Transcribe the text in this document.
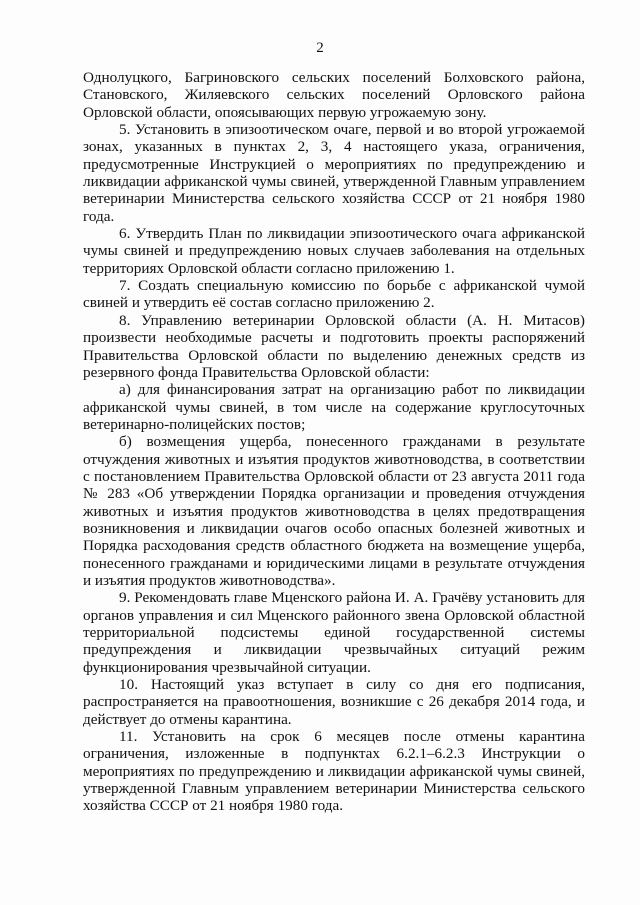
2

Однолуцкого, Багриновского сельских поселений Болховского района, Становского, Жиляевского сельских поселений Орловского района Орловской области, опоясывающих первую угрожаемую зону.

5. Установить в эпизоотическом очаге, первой и во второй угрожаемой зонах, указанных в пунктах 2, 3, 4 настоящего указа, ограничения, предусмотренные Инструкцией о мероприятиях по предупреждению и ликвидации африканской чумы свиней, утвержденной Главным управлением ветеринарии Министерства сельского хозяйства СССР от 21 ноября 1980 года.

6. Утвердить План по ликвидации эпизоотического очага африканской чумы свиней и предупреждению новых случаев заболевания на отдельных территориях Орловской области согласно приложению 1.

7. Создать специальную комиссию по борьбе с африканской чумой свиней и утвердить её состав согласно приложению 2.

8. Управлению ветеринарии Орловской области (А. Н. Митасов) произвести необходимые расчеты и подготовить проекты распоряжений Правительства Орловской области по выделению денежных средств из резервного фонда Правительства Орловской области:

а) для финансирования затрат на организацию работ по ликвидации африканской чумы свиней, в том числе на содержание круглосуточных ветеринарно-полицейских постов;

б) возмещения ущерба, понесенного гражданами в результате отчуждения животных и изъятия продуктов животноводства, в соответствии с постановлением Правительства Орловской области от 23 августа 2011 года № 283 «Об утверждении Порядка организации и проведения отчуждения животных и изъятия продуктов животноводства в целях предотвращения возникновения и ликвидации очагов особо опасных болезней животных и Порядка расходования средств областного бюджета на возмещение ущерба, понесенного гражданами и юридическими лицами в результате отчуждения и изъятия продуктов животноводства».

9. Рекомендовать главе Мценского района И. А. Грачёву установить для органов управления и сил Мценского районного звена Орловской областной территориальной подсистемы единой государственной системы предупреждения и ликвидации чрезвычайных ситуаций режим функционирования чрезвычайной ситуации.

10. Настоящий указ вступает в силу со дня его подписания, распространяется на правоотношения, возникшие с 26 декабря 2014 года, и действует до отмены карантина.

11. Установить на срок 6 месяцев после отмены карантина ограничения, изложенные в подпунктах 6.2.1–6.2.3 Инструкции о мероприятиях по предупреждению и ликвидации африканской чумы свиней, утвержденной Главным управлением ветеринарии Министерства сельского хозяйства СССР от 21 ноября 1980 года.
